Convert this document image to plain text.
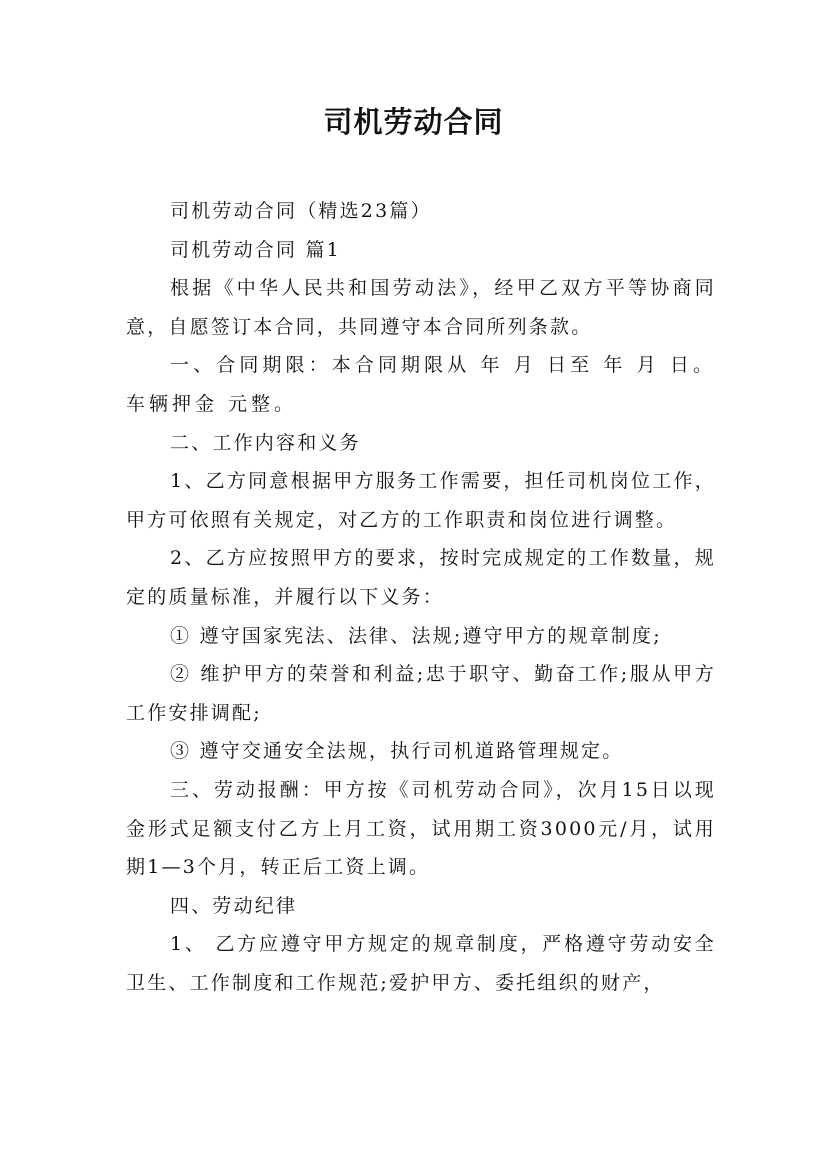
司机劳动合同

司机劳动合同（精选23篇）

司机劳动合同 篇1

根据《中华人民共和国劳动法》，经甲乙双方平等协商同意，自愿签订本合同，共同遵守本合同所列条款。

一、合同期限：本合同期限从 年 月 日至 年 月 日。车辆押金 元整。

二、工作内容和义务

1、乙方同意根据甲方服务工作需要，担任司机岗位工作，甲方可依照有关规定，对乙方的工作职责和岗位进行调整。

2、乙方应按照甲方的要求，按时完成规定的工作数量，规定的质量标准，并履行以下义务：

① 遵守国家宪法、法律、法规;遵守甲方的规章制度;

② 维护甲方的荣誉和利益;忠于职守、勤奋工作;服从甲方工作安排调配;

③ 遵守交通安全法规，执行司机道路管理规定。

三、劳动报酬：甲方按《司机劳动合同》，次月15日以现金形式足额支付乙方上月工资，试用期工资3000元/月，试用期1—3个月，转正后工资上调。

四、劳动纪律

1、 乙方应遵守甲方规定的规章制度，严格遵守劳动安全卫生、工作制度和工作规范;爱护甲方、委托组织的财产，
